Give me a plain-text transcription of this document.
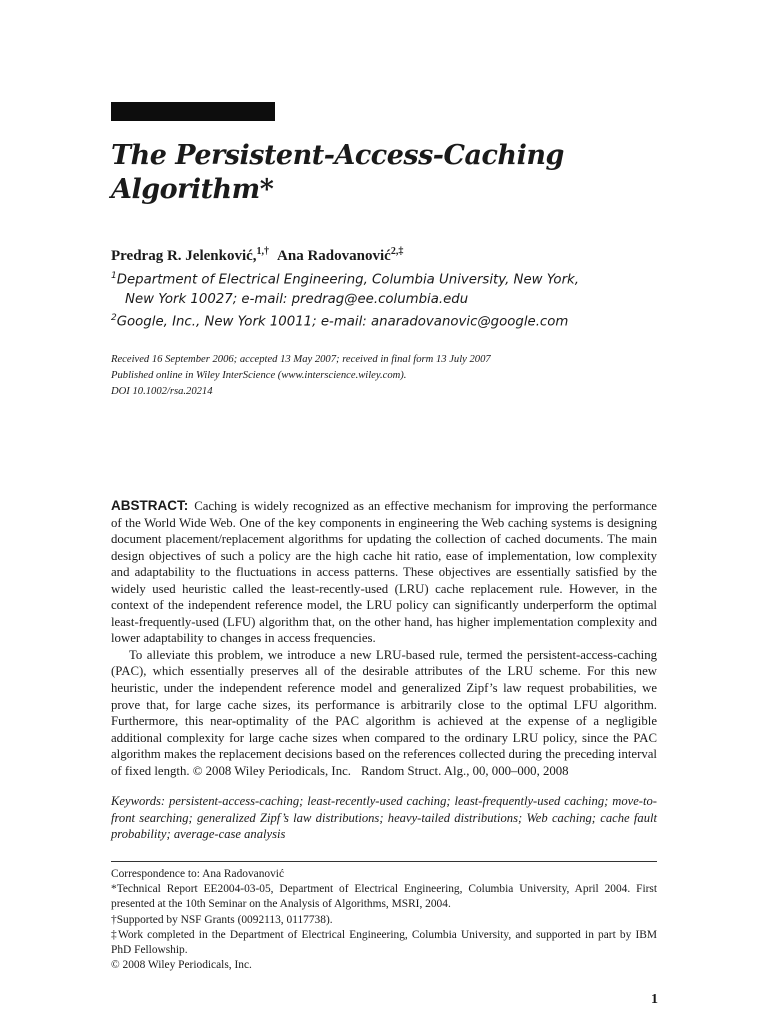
The Persistent-Access-Caching
Algorithm*

Predrag R. Jelenković,$^{1,\dagger}$ Ana Radovanović$^{2,\ddagger}$

$^1$Department of Electrical Engineering, Columbia University, New York,
New York 10027; e-mail: predrag@ee.columbia.edu
$^2$Google, Inc., New York 10011; e-mail: anaradovanovic@google.com
Received 16 September 2006; accepted 13 May 2007; received in final form 13 July 2007
Published online in Wiley InterScience (www.interscience.wiley.com).
DOI 10.1002/rsa.20214

ABSTRACT: Caching is widely recognized as an effective mechanism for improving the performance of the World Wide Web. One of the key components in engineering the Web caching systems is designing document placement/replacement algorithms for updating the collection of cached documents. The main design objectives of such a policy are the high cache hit ratio, ease of implementation, low complexity and adaptability to the fluctuations in access patterns. These objectives are essentially satisfied by the widely used heuristic called the least-recently-used (LRU) cache replacement rule. However, in the context of the independent reference model, the LRU policy can significantly underperform the optimal least-frequently-used (LFU) algorithm that, on the other hand, has higher implementation complexity and lower adaptability to changes in access frequencies.

To alleviate this problem, we introduce a new LRU-based rule, termed the persistent-access-caching (PAC), which essentially preserves all of the desirable attributes of the LRU scheme. For this new heuristic, under the independent reference model and generalized Zipf’s law request probabilities, we prove that, for large cache sizes, its performance is arbitrarily close to the optimal LFU algorithm. Furthermore, this near-optimality of the PAC algorithm is achieved at the expense of a negligible additional complexity for large cache sizes when compared to the ordinary LRU policy, since the PAC algorithm makes the replacement decisions based on the references collected during the preceding interval of fixed length. © 2008 Wiley Periodicals, Inc. Random Struct. Alg., 00, 000–000, 2008

Keywords: persistent-access-caching; least-recently-used caching; least-frequently-used caching; move-to-front searching; generalized Zipf’s law distributions; heavy-tailed distributions; Web caching; cache fault probability; average-case analysis
Correspondence to: Ana Radovanović
*Technical Report EE2004-03-05, Department of Electrical Engineering, Columbia University, April 2004. First presented at the 10th Seminar on the Analysis of Algorithms, MSRI, 2004.
†Supported by NSF Grants (0092113, 0117738).
‡Work completed in the Department of Electrical Engineering, Columbia University, and supported in part by IBM PhD Fellowship.
© 2008 Wiley Periodicals, Inc.
1
